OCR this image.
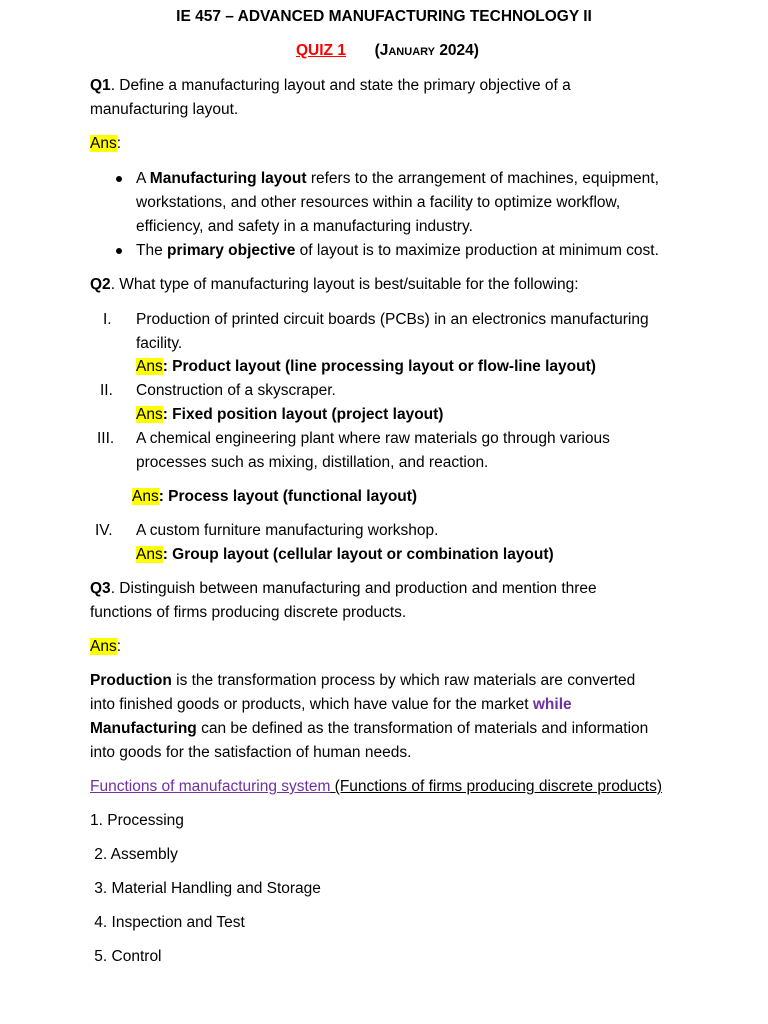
IE 457 – ADVANCED MANUFACTURING TECHNOLOGY II
QUIZ 1 (January 2024)
Q1. Define a manufacturing layout and state the primary objective of a
manufacturing layout.
Ans:
A Manufacturing layout refers to the arrangement of machines, equipment,
workstations, and other resources within a facility to optimize workflow,
efficiency, and safety in a manufacturing industry.
The primary objective of layout is to maximize production at minimum cost.
Q2. What type of manufacturing layout is best/suitable for the following:
I. Production of printed circuit boards (PCBs) in an electronics manufacturing
facility.
Ans: Product layout (line processing layout or flow-line layout)
II. Construction of a skyscraper.
Ans: Fixed position layout (project layout)
III. A chemical engineering plant where raw materials go through various
processes such as mixing, distillation, and reaction.
Ans: Process layout (functional layout)
IV. A custom furniture manufacturing workshop.
Ans: Group layout (cellular layout or combination layout)
Q3. Distinguish between manufacturing and production and mention three
functions of firms producing discrete products.
Ans:
Production is the transformation process by which raw materials are converted
into finished goods or products, which have value for the market while
Manufacturing can be defined as the transformation of materials and information
into goods for the satisfaction of human needs.
Functions of manufacturing system (Functions of firms producing discrete products)
1. Processing
2. Assembly
3. Material Handling and Storage
4. Inspection and Test
5. Control
